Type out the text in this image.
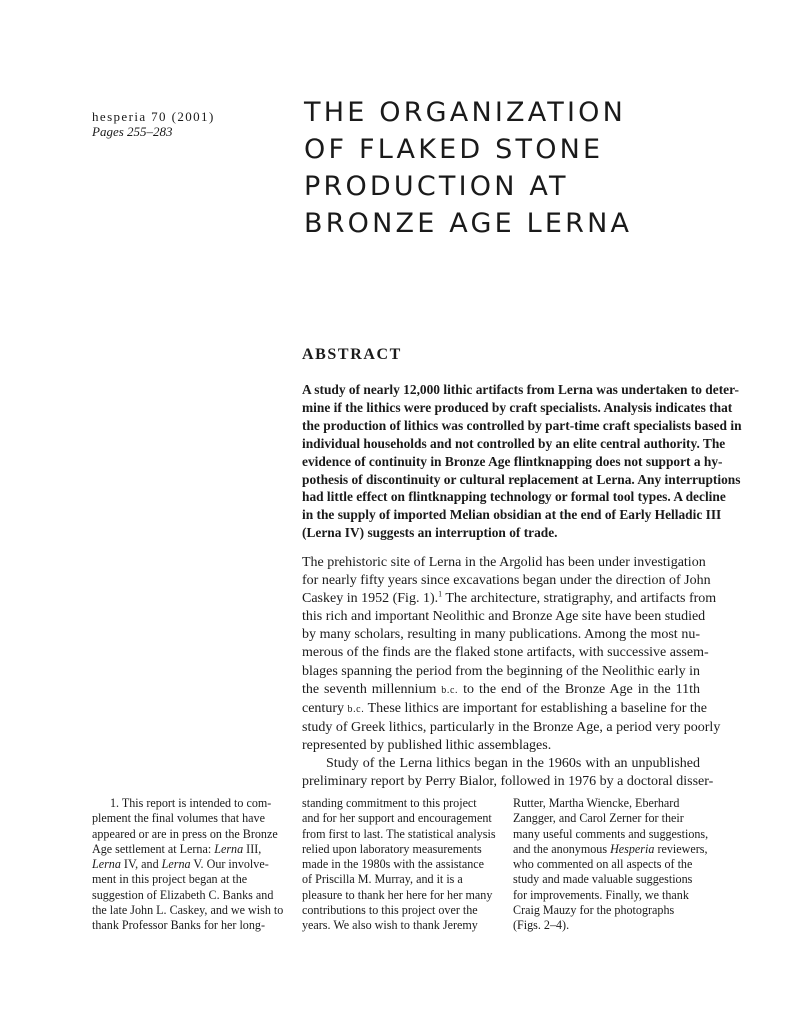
hesperia 70 (2001)
Pages 255–283
THE ORGANIZATION
OF FLAKED STONE
PRODUCTION AT
BRONZE AGE LERNA
ABSTRACT
A study of nearly 12,000 lithic artifacts from Lerna was undertaken to deter-
mine if the lithics were produced by craft specialists. Analysis indicates that
the production of lithics was controlled by part-time craft specialists based in
individual households and not controlled by an elite central authority. The
evidence of continuity in Bronze Age flintknapping does not support a hy-
pothesis of discontinuity or cultural replacement at Lerna. Any interruptions
had little effect on flintknapping technology or formal tool types. A decline
in the supply of imported Melian obsidian at the end of Early Helladic III
(Lerna IV) suggests an interruption of trade.
The prehistoric site of Lerna in the Argolid has been under investigation
for nearly fifty years since excavations began under the direction of John
Caskey in 1952 (Fig. 1).$^1$ The architecture, stratigraphy, and artifacts from
this rich and important Neolithic and Bronze Age site have been studied
by many scholars, resulting in many publications. Among the most nu-
merous of the finds are the flaked stone artifacts, with successive assem-
blages spanning the period from the beginning of the Neolithic early in
the seventh millennium b.c. to the end of the Bronze Age in the 11th
century b.c. These lithics are important for establishing a baseline for the
study of Greek lithics, particularly in the Bronze Age, a period very poorly
represented by published lithic assemblages.
Study of the Lerna lithics began in the 1960s with an unpublished
preliminary report by Perry Bialor, followed in 1976 by a doctoral disser-
1. This report is intended to com-
plement the final volumes that have
appeared or are in press on the Bronze
Age settlement at Lerna: Lerna III,
Lerna IV, and Lerna V. Our involve-
ment in this project began at the
suggestion of Elizabeth C. Banks and
the late John L. Caskey, and we wish to
thank Professor Banks for her long-
standing commitment to this project
and for her support and encouragement
from first to last. The statistical analysis
relied upon laboratory measurements
made in the 1980s with the assistance
of Priscilla M. Murray, and it is a
pleasure to thank her here for her many
contributions to this project over the
years. We also wish to thank Jeremy
Rutter, Martha Wiencke, Eberhard
Zangger, and Carol Zerner for their
many useful comments and suggestions,
and the anonymous Hesperia reviewers,
who commented on all aspects of the
study and made valuable suggestions
for improvements. Finally, we thank
Craig Mauzy for the photographs
(Figs. 2–4).
